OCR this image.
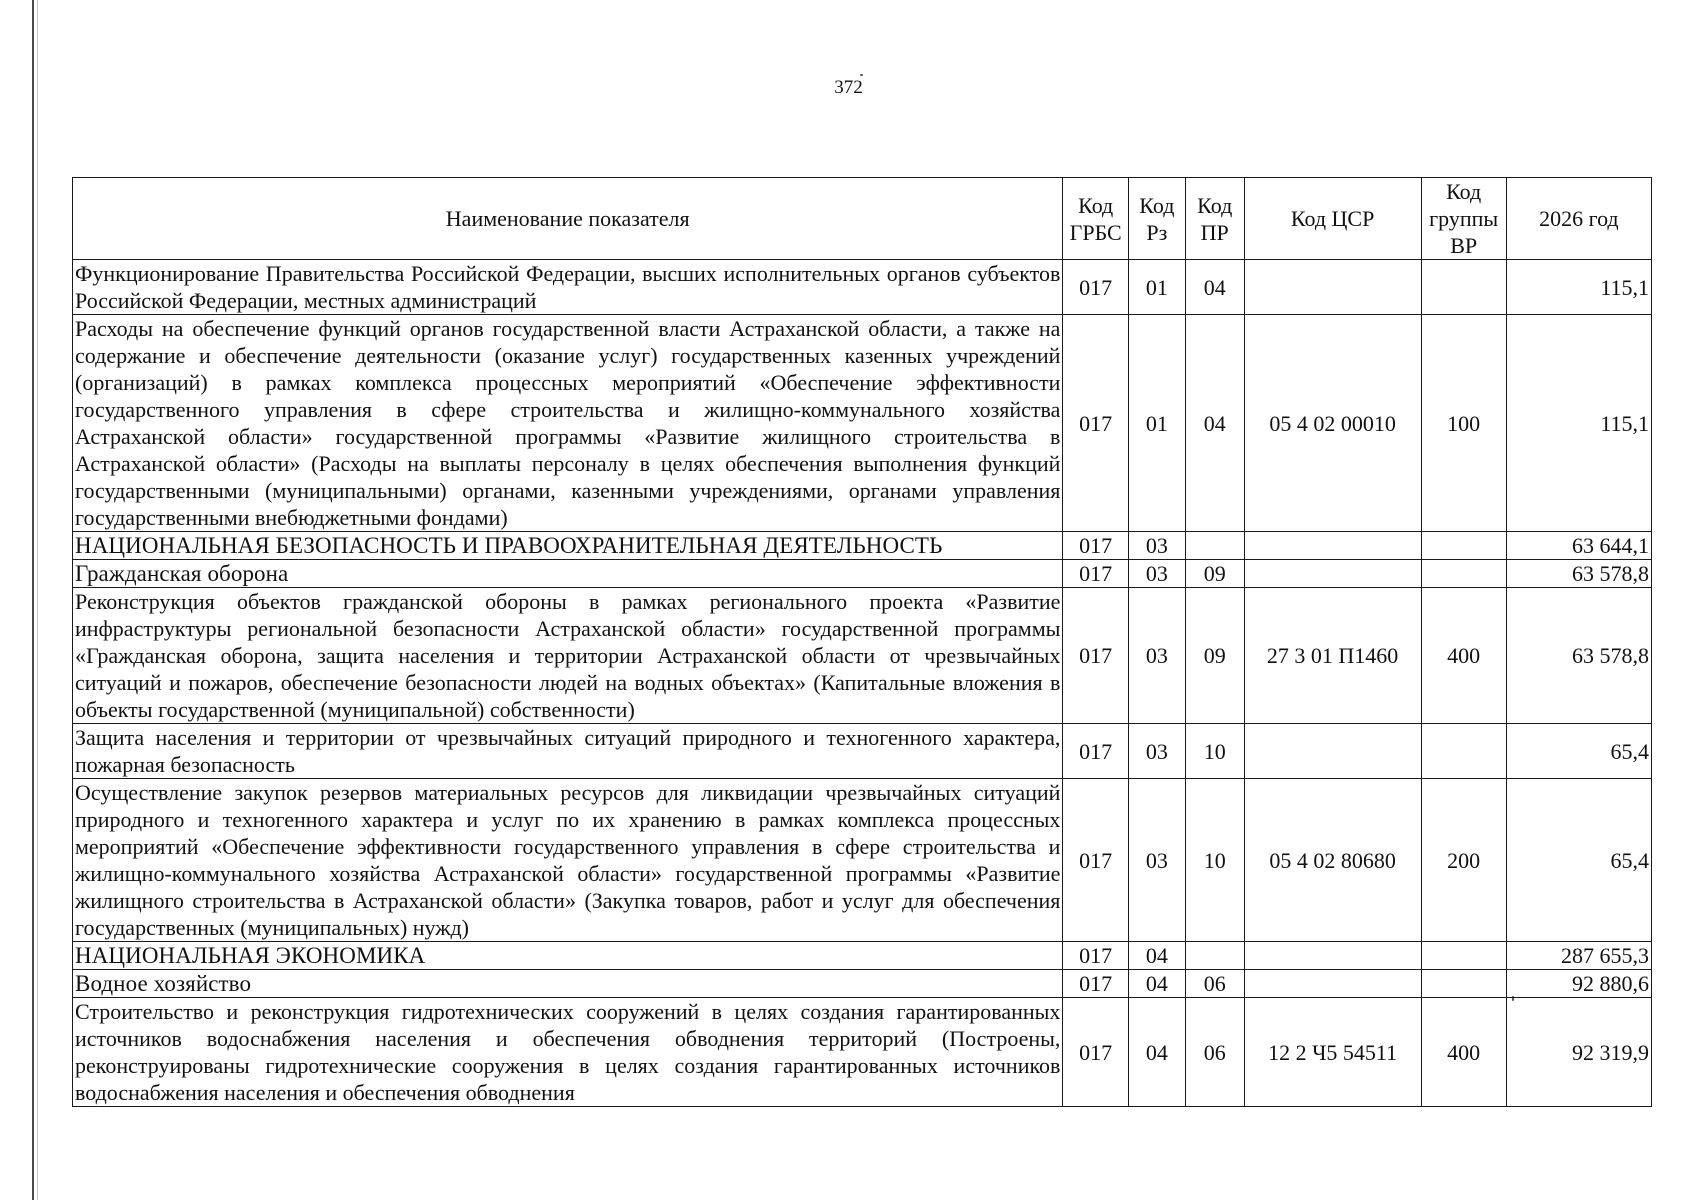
372
Наименование показателя	Код ГРБС	Код Рз	Код ПР	Код ЦСР	Код группы ВР	2026 год
Функционирование Правительства Российской Федерации, высших исполнительных органов субъектов Российской Федерации, местных администраций	017	01	04			115,1
Расходы на обеспечение функций органов государственной власти Астраханской области, а также на содержание и обеспечение деятельности (оказание услуг) государственных казенных учреждений (организаций) в рамках комплекса процессных мероприятий «Обеспечение эффективности государственного управления в сфере строительства и жилищно-коммунального хозяйства Астраханской области» государственной программы «Развитие жилищного строительства в Астраханской области» (Расходы на выплаты персоналу в целях обеспечения выполнения функций государственными (муниципальными) органами, казенными учреждениями, органами управления государственными внебюджетными фондами)	017	01	04	05 4 02 00010	100	115,1
НАЦИОНАЛЬНАЯ БЕЗОПАСНОСТЬ И ПРАВООХРАНИТЕЛЬНАЯ ДЕЯТЕЛЬНОСТЬ	017	03				63 644,1
Гражданская оборона	017	03	09			63 578,8
Реконструкция объектов гражданской обороны в рамках регионального проекта «Развитие инфраструктуры региональной безопасности Астраханской области» государственной программы «Гражданская оборона, защита населения и территории Астраханской области от чрезвычайных ситуаций и пожаров, обеспечение безопасности людей на водных объектах» (Капитальные вложения в объекты государственной (муниципальной) собственности)	017	03	09	27 3 01 П1460	400	63 578,8
Защита населения и территории от чрезвычайных ситуаций природного и техногенного характера, пожарная безопасность	017	03	10			65,4
Осуществление закупок резервов материальных ресурсов для ликвидации чрезвычайных ситуаций природного и техногенного характера и услуг по их хранению в рамках комплекса процессных мероприятий «Обеспечение эффективности государственного управления в сфере строительства и жилищно-коммунального хозяйства Астраханской области» государственной программы «Развитие жилищного строительства в Астраханской области» (Закупка товаров, работ и услуг для обеспечения государственных (муниципальных) нужд)	017	03	10	05 4 02 80680	200	65,4
НАЦИОНАЛЬНАЯ ЭКОНОМИКА	017	04				287 655,3
Водное хозяйство	017	04	06			92 880,6
Строительство и реконструкция гидротехнических сооружений в целях создания гарантированных источников водоснабжения населения и обеспечения обводнения территорий (Построены, реконструированы гидротехнические сооружения в целях создания гарантированных источников водоснабжения населения и обеспечения обводнения	017	04	06	12 2 Ч5 54511	400	92 319,9
